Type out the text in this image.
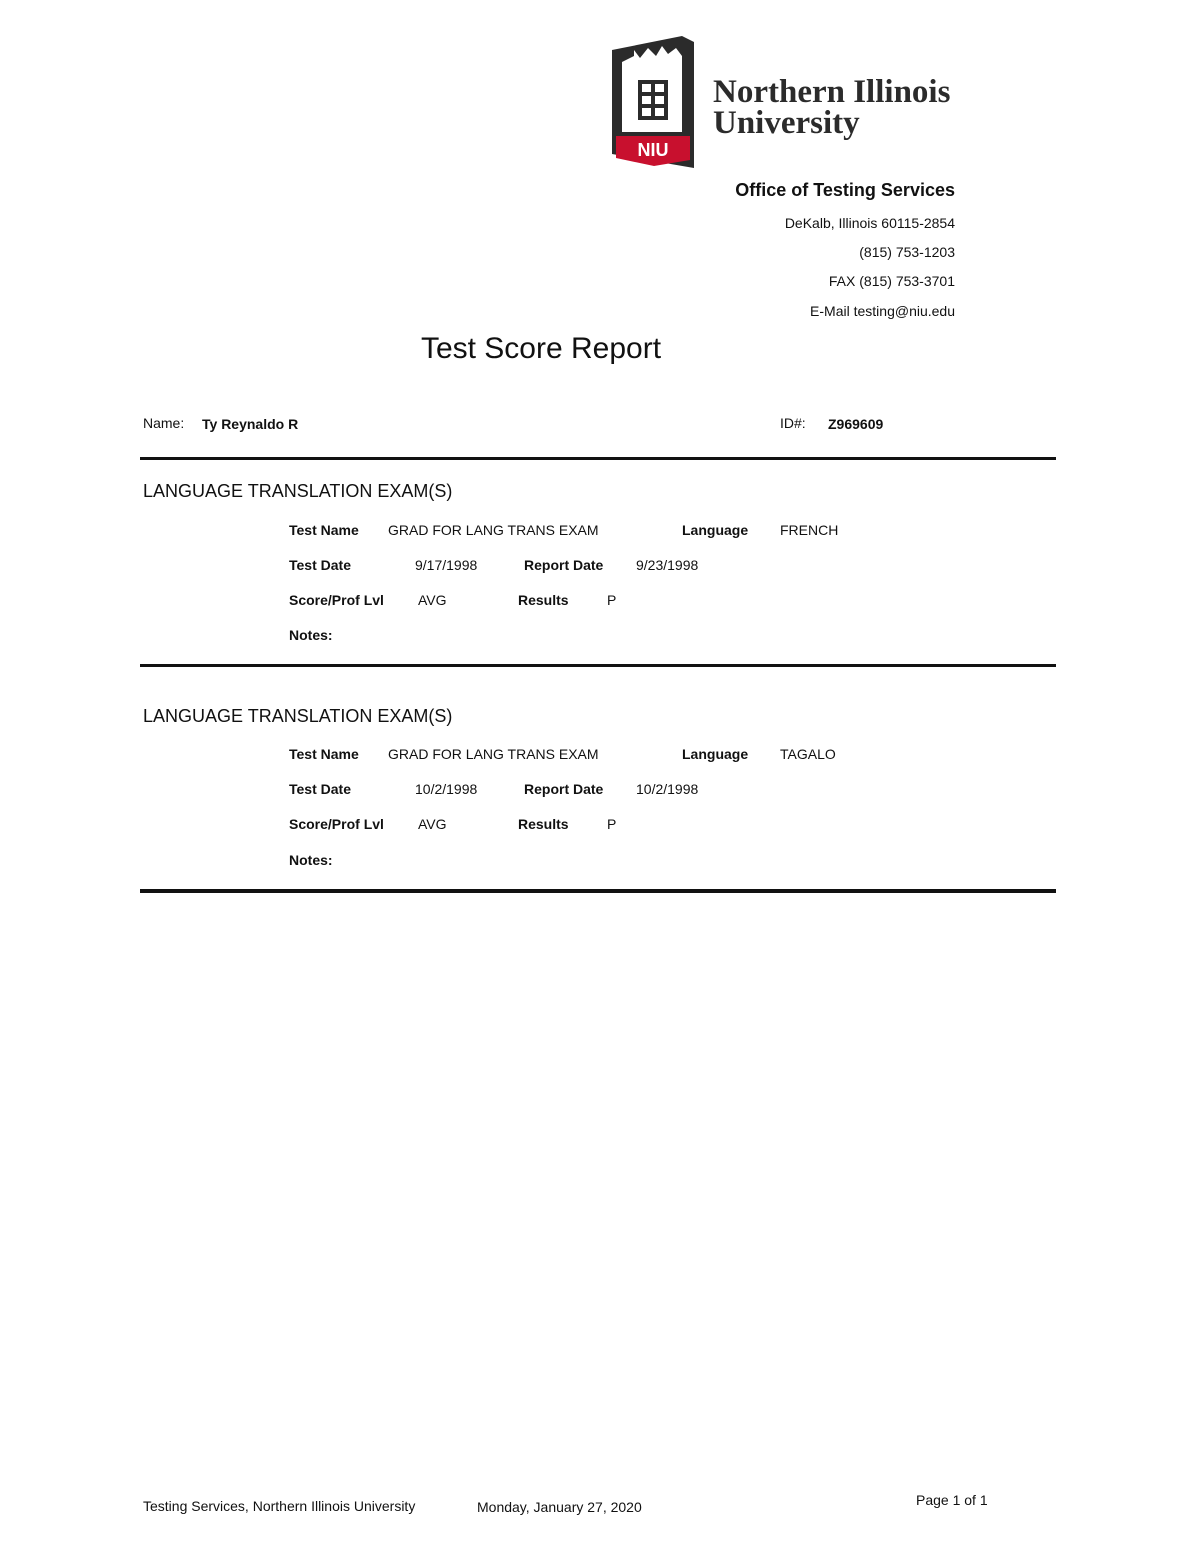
NIU
Northern Illinois
University
Office of Testing Services
DeKalb, Illinois 60115-2854
(815) 753-1203
FAX (815) 753-3701
E-Mail testing@niu.edu
Test Score Report
Name: Ty Reynaldo R	ID#: Z969609
LANGUAGE TRANSLATION EXAM(S)
Test Name GRAD FOR LANG TRANS EXAM	Language FRENCH
Test Date	9/17/1998	Report Date 9/23/1998
Score/Prof Lvl AVG	Results	P
Notes:
LANGUAGE TRANSLATION EXAM(S)
Test Name GRAD FOR LANG TRANS EXAM	Language TAGALO
Test Date	10/2/1998	Report Date 10/2/1998
Score/Prof Lvl AVG	Results	P
Notes:
Testing Services, Northern Illinois University	Monday, January 27, 2020	Page 1 of 1
